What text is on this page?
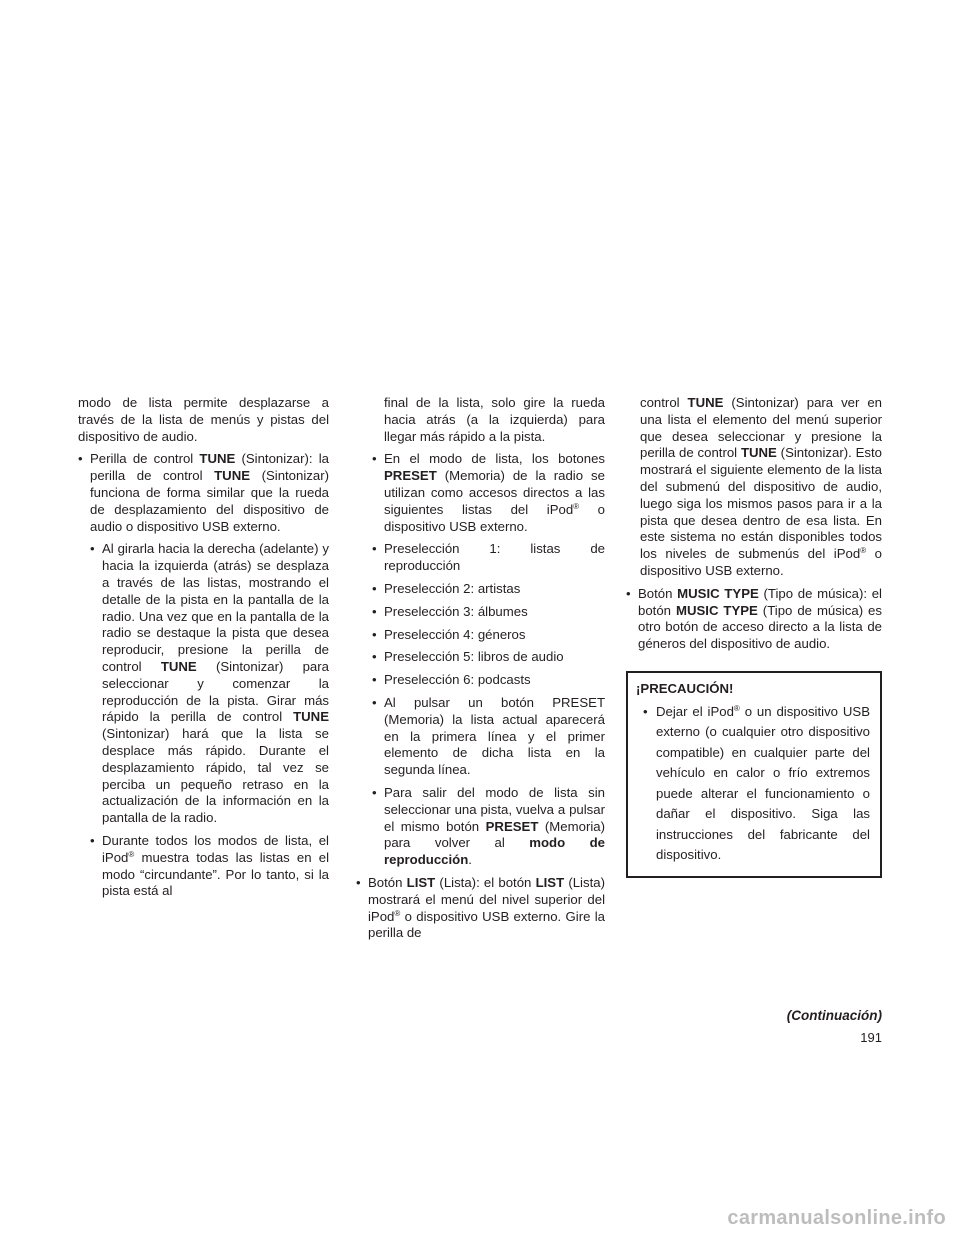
modo de lista permite desplazarse a través de la lista de menús y pistas del dispositivo de audio.

• Perilla de control TUNE (Sintonizar): la perilla de control TUNE (Sintonizar) funciona de forma similar que la rueda de desplazamiento del dispositivo de audio o dispositivo USB externo.
• Al girarla hacia la derecha (adelante) y hacia la izquierda (atrás) se desplaza a través de las listas, mostrando el detalle de la pista en la pantalla de la radio. Una vez que en la pantalla de la radio se destaque la pista que desea reproducir, presione la perilla de control TUNE (Sintonizar) para seleccionar y comenzar la reproducción de la pista. Girar más rápido la perilla de control TUNE (Sintonizar) hará que la lista se desplace más rápido. Durante el desplazamiento rápido, tal vez se perciba un pequeño retraso en la actualización de la información en la pantalla de la radio.
• Durante todos los modos de lista, el iPod® muestra todas las listas en el modo “circundante”. Por lo tanto, si la pista está al

final de la lista, solo gire la rueda hacia atrás (a la izquierda) para llegar más rápido a la pista.

• En el modo de lista, los botones PRESET (Memoria) de la radio se utilizan como accesos directos a las siguientes listas del iPod® o dispositivo USB externo.
• Preselección 1: listas de reproducción
• Preselección 2: artistas
• Preselección 3: álbumes
• Preselección 4: géneros
• Preselección 5: libros de audio
• Preselección 6: podcasts
• Al pulsar un botón PRESET (Memoria) la lista actual aparecerá en la primera línea y el primer elemento de dicha lista en la segunda línea.
• Para salir del modo de lista sin seleccionar una pista, vuelva a pulsar el mismo botón PRESET (Memoria) para volver al modo de reproducción.
• Botón LIST (Lista): el botón LIST (Lista) mostrará el menú del nivel superior del iPod® o dispositivo USB externo. Gire la perilla de

control TUNE (Sintonizar) para ver en una lista el elemento del menú superior que desea seleccionar y presione la perilla de control TUNE (Sintonizar). Esto mostrará el siguiente elemento de la lista del submenú del dispositivo de audio, luego siga los mismos pasos para ir a la pista que desea dentro de esa lista. En este sistema no están disponibles todos los niveles de submenús del iPod® o dispositivo USB externo.

• Botón MUSIC TYPE (Tipo de música): el botón MUSIC TYPE (Tipo de música) es otro botón de acceso directo a la lista de géneros del dispositivo de audio.
¡PRECAUCIÓN!
• Dejar el iPod® o un dispositivo USB externo (o cualquier otro dispositivo compatible) en cualquier parte del vehículo en calor o frío extremos puede alterar el funcionamiento o dañar el dispositivo. Siga las instrucciones del fabricante del dispositivo.
(Continuación)
191
carmanualsonline.info
